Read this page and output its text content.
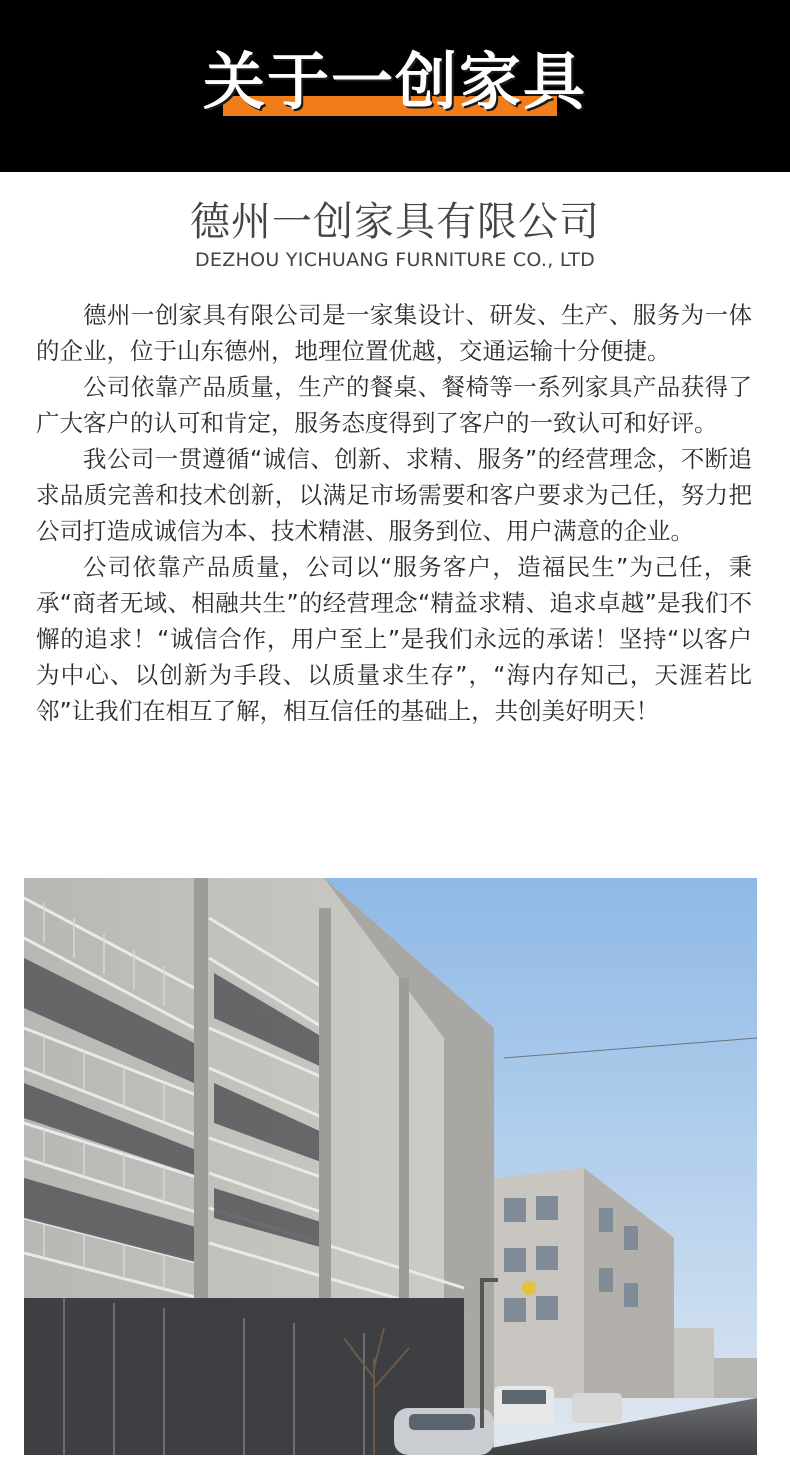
关于一创家具
德州一创家具有限公司
DEZHOU YICHUANG FURNITURE CO., LTD

德州一创家具有限公司是一家集设计、研发、生产、服务为一体的企业，位于山东德州，地理位置优越，交通运输十分便捷。

公司依靠产品质量，生产的餐桌、餐椅等一系列家具产品获得了广大客户的认可和肯定，服务态度得到了客户的一致认可和好评。

我公司一贯遵循“诚信、创新、求精、服务”的经营理念，不断追求品质完善和技术创新，以满足市场需要和客户要求为己任，努力把公司打造成诚信为本、技术精湛、服务到位、用户满意的企业。

公司依靠产品质量，公司以“服务客户，造福民生”为己任，秉承“商者无域、相融共生”的经营理念“精益求精、追求卓越”是我们不懈的追求！“诚信合作，用户至上”是我们永远的承诺！坚持“以客户为中心、以创新为手段、以质量求生存”，“海内存知己，天涯若比邻”让我们在相互了解，相互信任的基础上，共创美好明天！
